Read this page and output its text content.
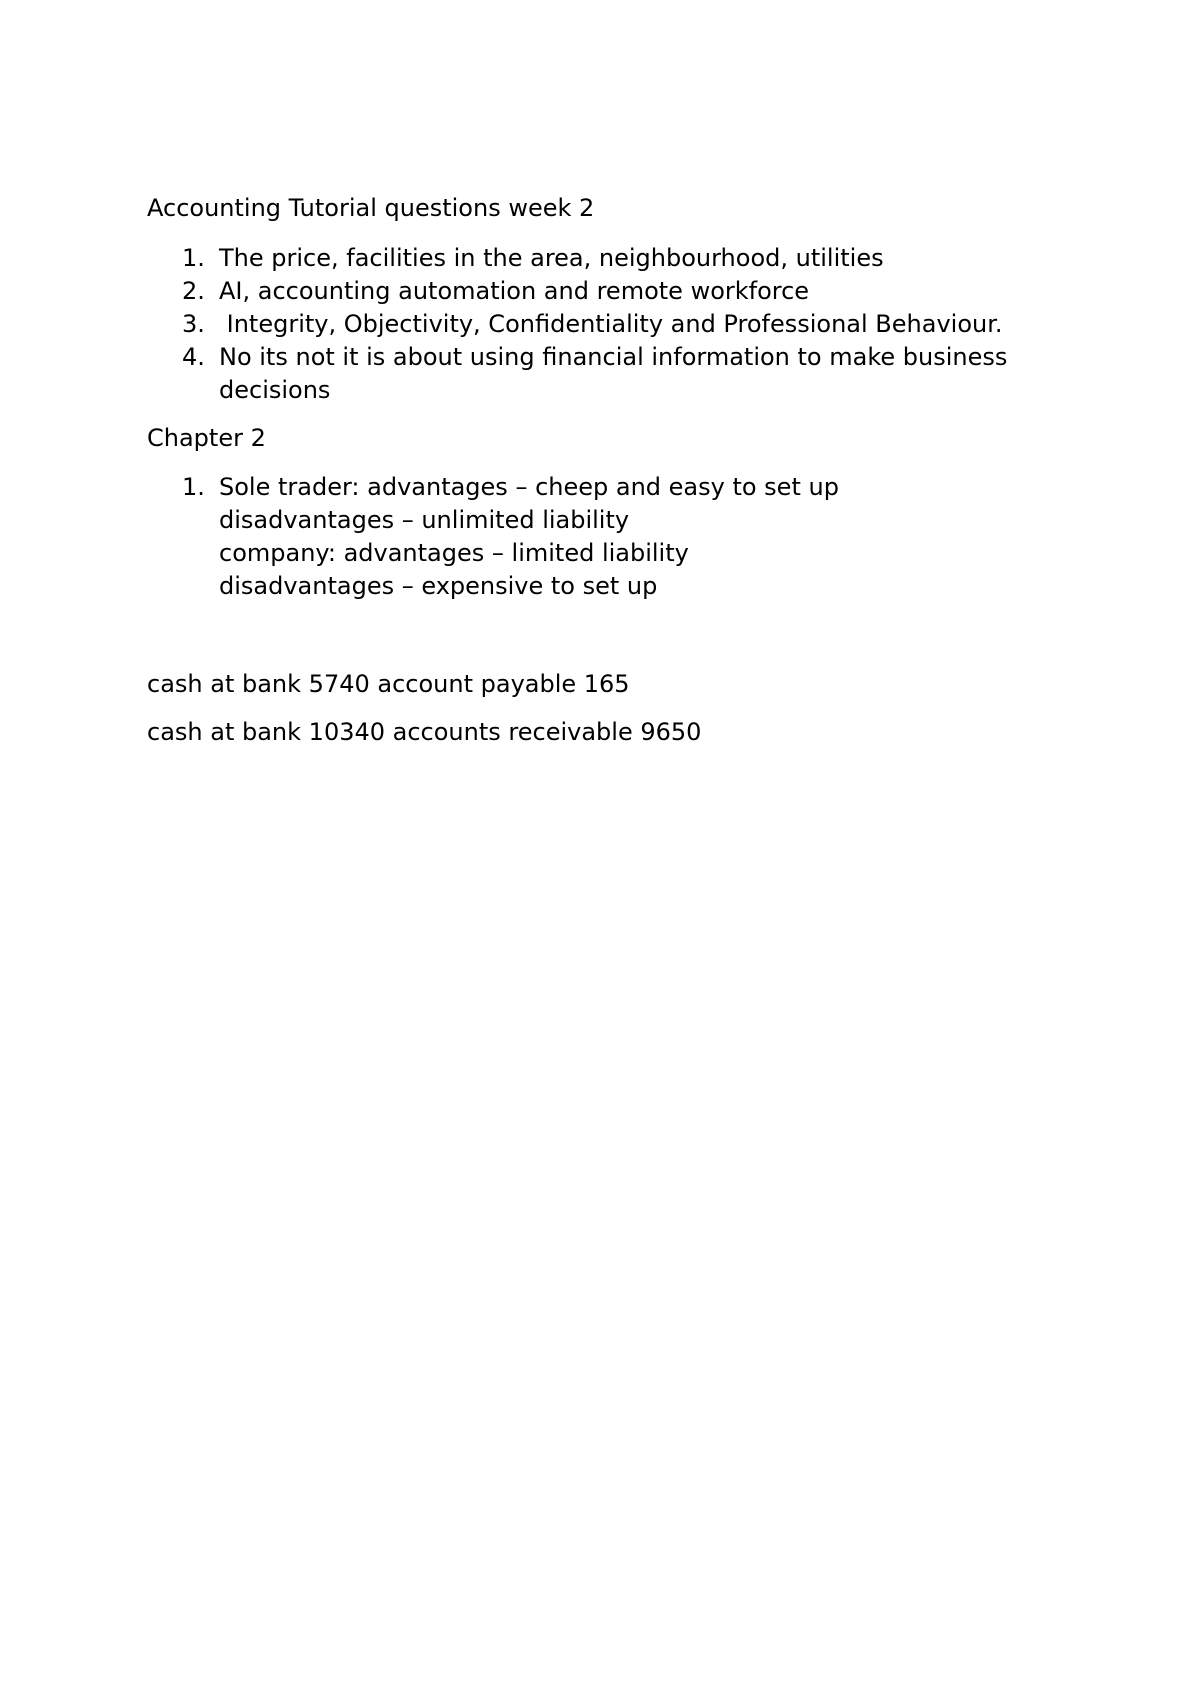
Accounting Tutorial questions week 2
1. The price, facilities in the area, neighbourhood, utilities
2. AI, accounting automation and remote workforce
3. Integrity, Objectivity, Confidentiality and Professional Behaviour.
4. No its not it is about using financial information to make business
decisions
Chapter 2
1. Sole trader: advantages – cheep and easy to set up
disadvantages – unlimited liability
company: advantages – limited liability
disadvantages – expensive to set up
cash at bank 5740 account payable 165
cash at bank 10340 accounts receivable 9650
